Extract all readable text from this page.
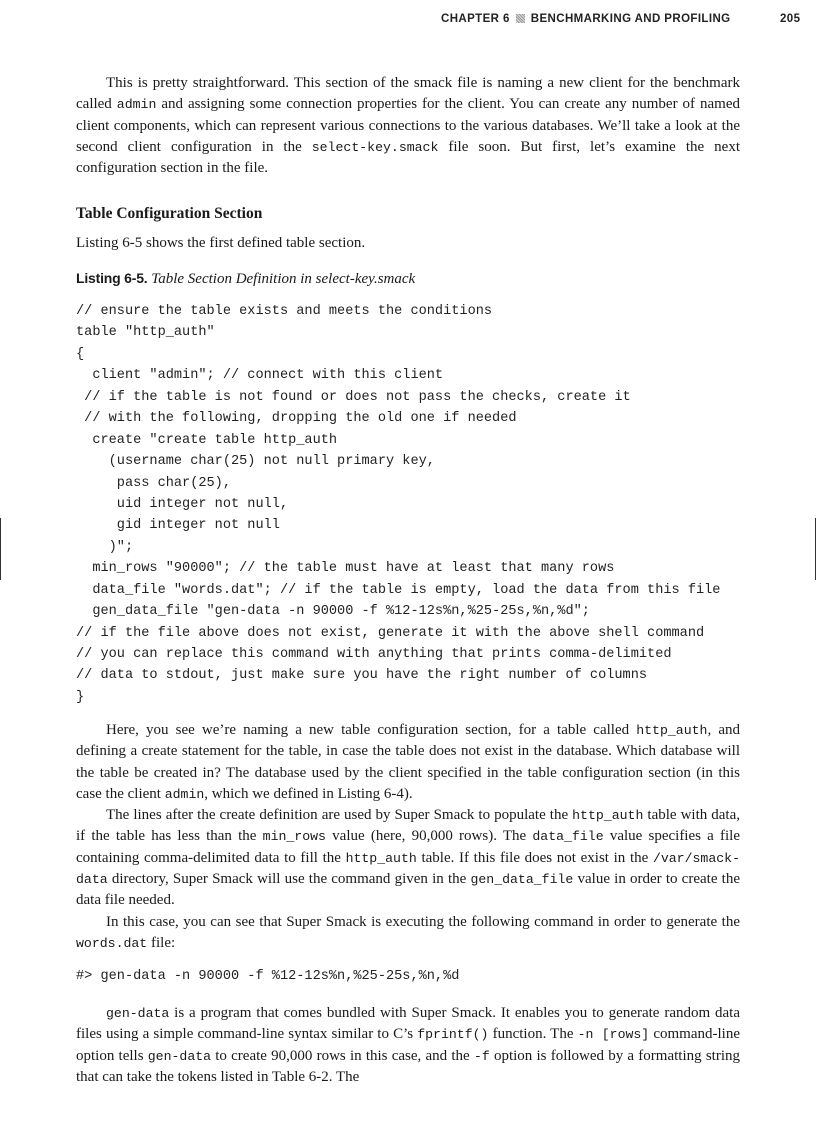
CHAPTER 6 BENCHMARKING AND PROFILING	205

This is pretty straightforward. This section of the smack file is naming a new client for the benchmark called admin and assigning some connection properties for the client. You can create any number of named client components, which can represent various connections to the various databases. We’ll take a look at the second client configuration in the select-key.smack file soon. But first, let’s examine the next configuration section in the file.

Table Configuration Section

Listing 6-5 shows the first defined table section.

Listing 6-5. Table Section Definition in select-key.smack
// ensure the table exists and meets the conditions
table "http_auth"
{
client "admin"; // connect with this client
// if the table is not found or does not pass the checks, create it
// with the following, dropping the old one if needed
create "create table http_auth
(username char(25) not null primary key,
pass char(25),
uid integer not null,
gid integer not null
)";
min_rows "90000"; // the table must have at least that many rows
data_file "words.dat"; // if the table is empty, load the data from this file
gen_data_file "gen-data -n 90000 -f %12-12s%n,%25-25s,%n,%d";
// if the file above does not exist, generate it with the above shell command
// you can replace this command with anything that prints comma-delimited
// data to stdout, just make sure you have the right number of columns
}

Here, you see we’re naming a new table configuration section, for a table called http_auth, and defining a create statement for the table, in case the table does not exist in the database. Which database will the table be created in? The database used by the client specified in the table configuration section (in this case the client admin, which we defined in Listing 6-4).

The lines after the create definition are used by Super Smack to populate the http_auth table with data, if the table has less than the min_rows value (here, 90,000 rows). The data_file value specifies a file containing comma-delimited data to fill the http_auth table. If this file does not exist in the /var/smack-data directory, Super Smack will use the command given in the gen_data_file value in order to create the data file needed.

In this case, you can see that Super Smack is executing the following command in order to generate the words.dat file:

#> gen-data -n 90000 -f %12-12s%n,%25-25s,%n,%d

gen-data is a program that comes bundled with Super Smack. It enables you to generate random data files using a simple command-line syntax similar to C’s fprintf() function. The -n [rows] command-line option tells gen-data to create 90,000 rows in this case, and the -f option is followed by a formatting string that can take the tokens listed in Table 6-2. The
